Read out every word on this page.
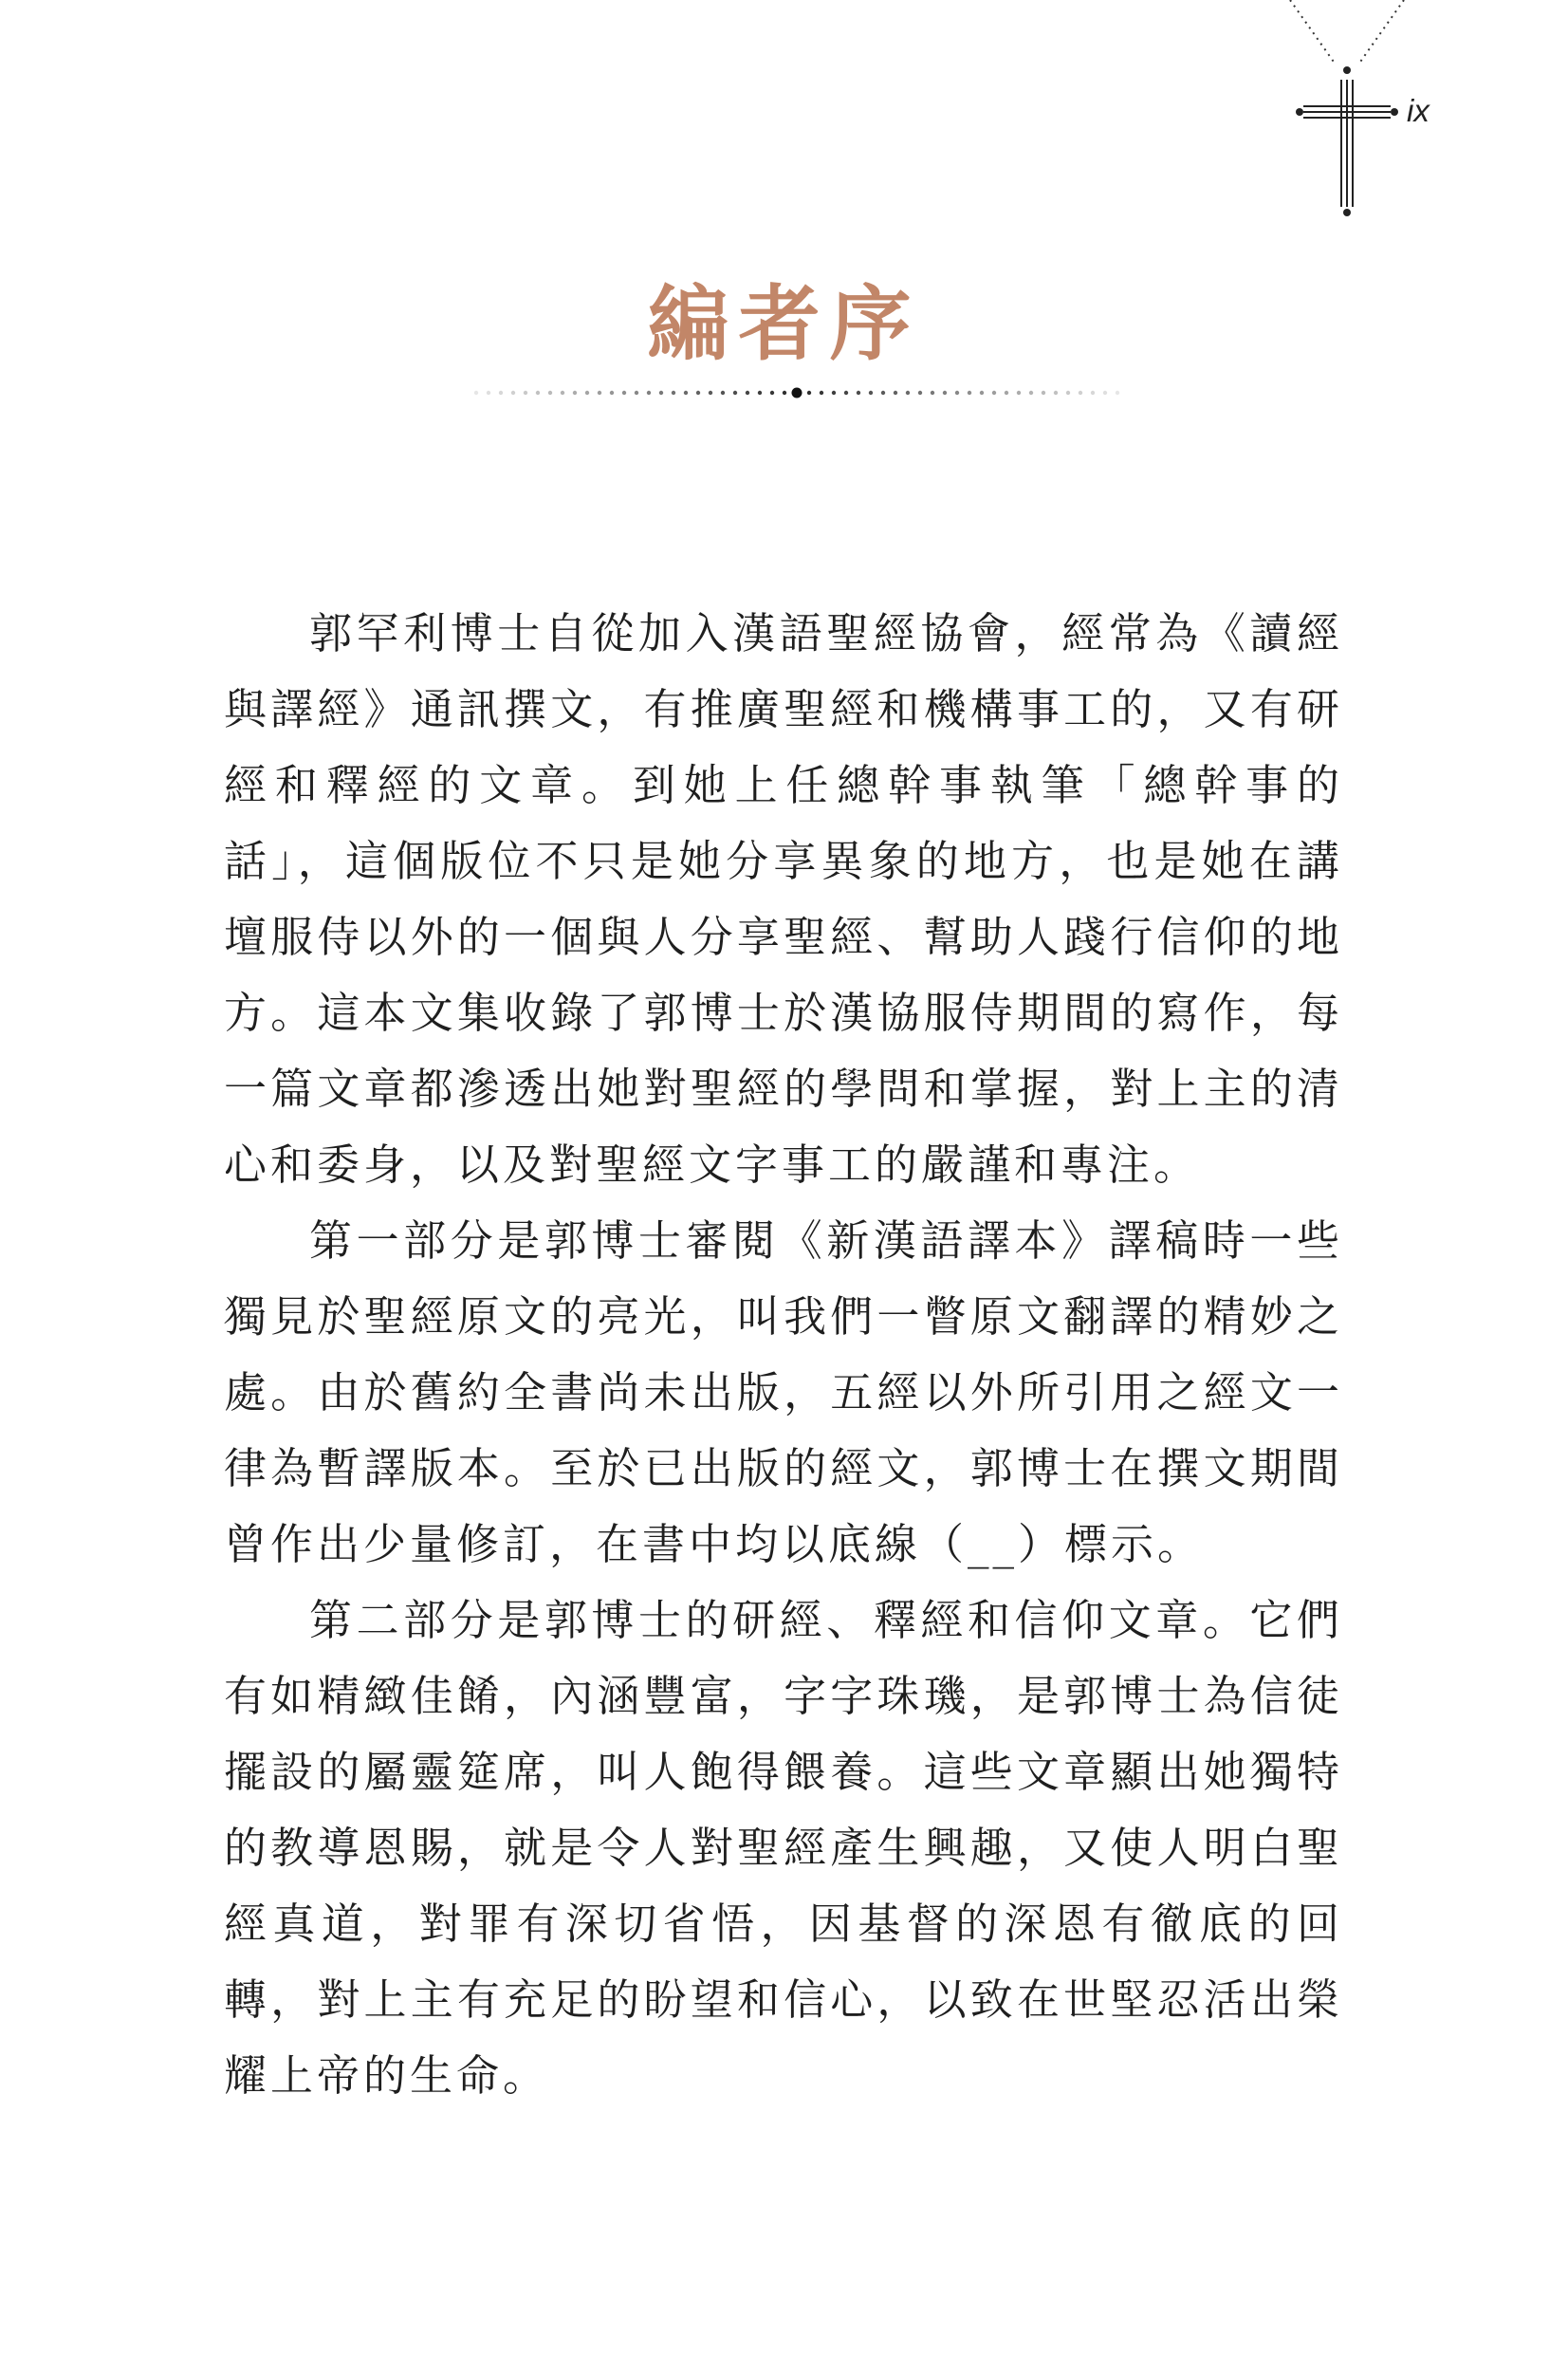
ix
編者序

郭罕利博士自從加入漢語聖經協會，經常為《讀經與譯經》通訊撰文，有推廣聖經和機構事工的，又有研經和釋經的文章。到她上任總幹事執筆「總幹事的話」，這個版位不只是她分享異象的地方，也是她在講壇服侍以外的一個與人分享聖經、幫助人踐行信仰的地方。這本文集收錄了郭博士於漢協服侍期間的寫作，每一篇文章都滲透出她對聖經的學問和掌握，對上主的清心和委身，以及對聖經文字事工的嚴謹和專注。

第一部分是郭博士審閱《新漢語譯本》譯稿時一些獨見於聖經原文的亮光，叫我們一瞥原文翻譯的精妙之處。由於舊約全書尚未出版，五經以外所引用之經文一律為暫譯版本。至於已出版的經文，郭博士在撰文期間曾作出少量修訂，在書中均以底線（__）標示。

第二部分是郭博士的研經、釋經和信仰文章。它們有如精緻佳餚，內涵豐富，字字珠璣，是郭博士為信徒擺設的屬靈筵席，叫人飽得餵養。這些文章顯出她獨特的教導恩賜，就是令人對聖經產生興趣，又使人明白聖經真道，對罪有深切省悟，因基督的深恩有徹底的回轉，對上主有充足的盼望和信心，以致在世堅忍活出榮耀上帝的生命。
